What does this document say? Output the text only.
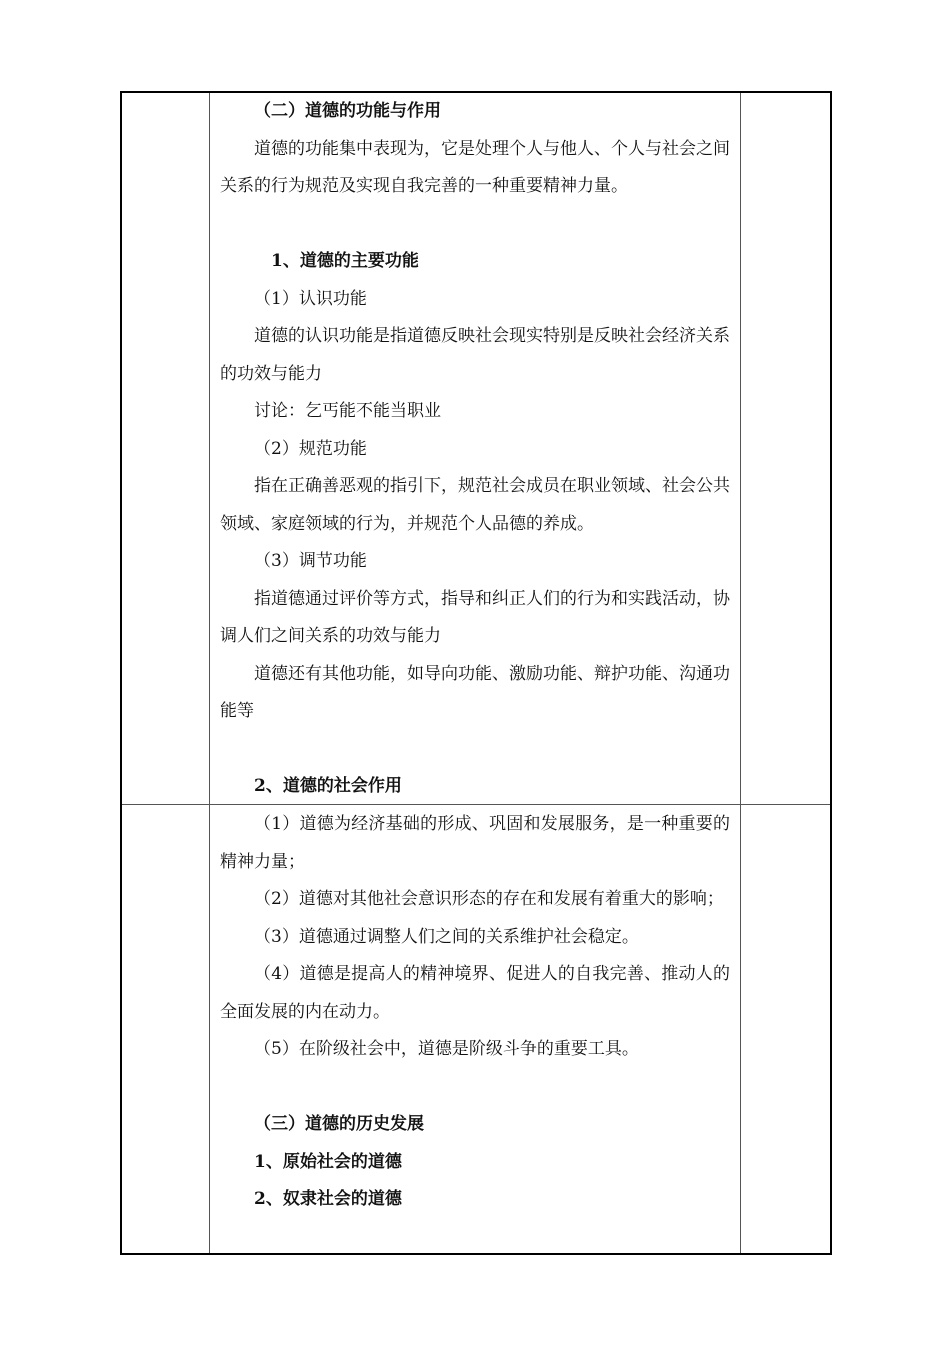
（二）道德的功能与作用

道德的功能集中表现为，它是处理个人与他人、个人与社会之间关系的行为规范及实现自我完善的一种重要精神力量。

1、道德的主要功能

（1）认识功能

道德的认识功能是指道德反映社会现实特别是反映社会经济关系的功效与能力

讨论：乞丐能不能当职业

（2）规范功能

指在正确善恶观的指引下，规范社会成员在职业领域、社会公共领域、家庭领域的行为，并规范个人品德的养成。

（3）调节功能

指道德通过评价等方式，指导和纠正人们的行为和实践活动，协调人们之间关系的功效与能力

道德还有其他功能，如导向功能、激励功能、辩护功能、沟通功能等

2、道德的社会作用

（1）道德为经济基础的形成、巩固和发展服务，是一种重要的精神力量；

（2）道德对其他社会意识形态的存在和发展有着重大的影响；

（3）道德通过调整人们之间的关系维护社会稳定。

（4）道德是提高人的精神境界、促进人的自我完善、推动人的全面发展的内在动力。

（5）在阶级社会中，道德是阶级斗争的重要工具。

（三）道德的历史发展

1、原始社会的道德

2、奴隶社会的道德
